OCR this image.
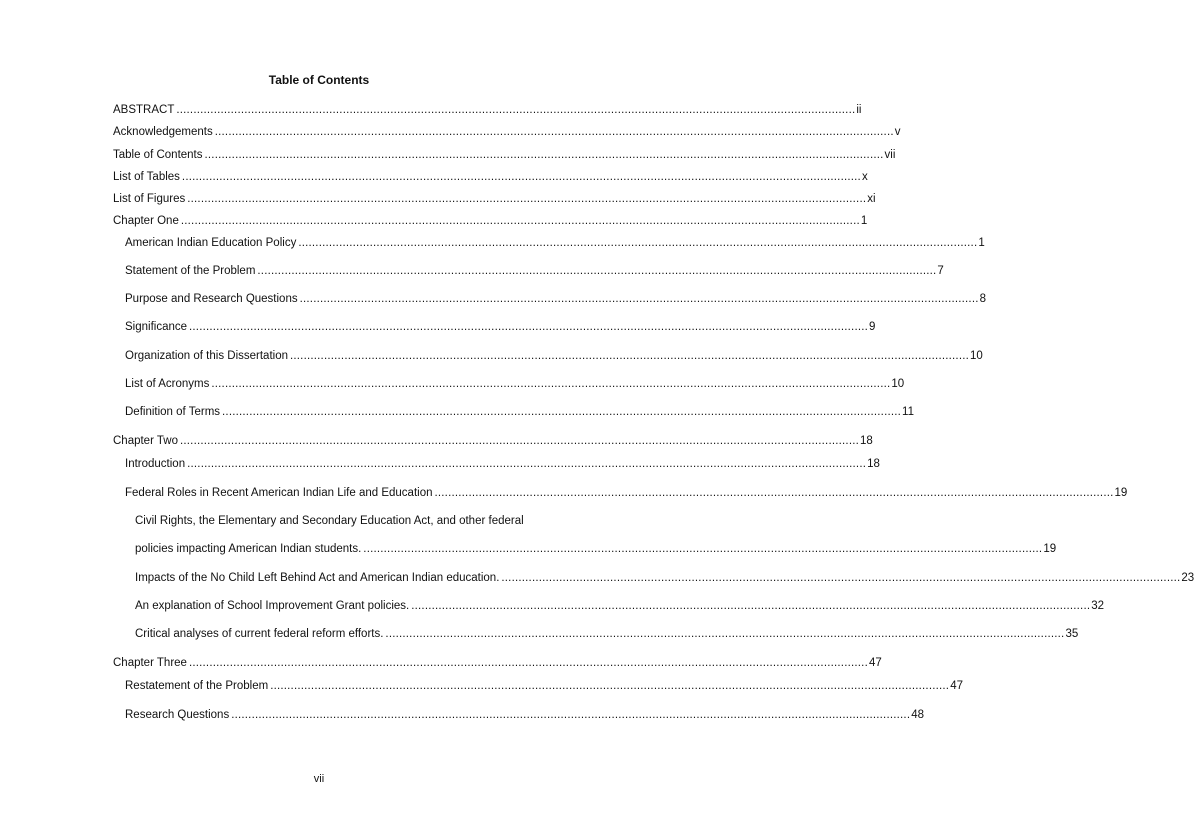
Table of Contents
ABSTRACT ........................................................................................................................................................................................................ ii
Acknowledgements ........................................................................................................................................................................................................ v
Table of Contents ........................................................................................................................................................................................................ vii
List of Tables ........................................................................................................................................................................................................ x
List of Figures ........................................................................................................................................................................................................ xi
Chapter One ........................................................................................................................................................................................................ 1
American Indian Education Policy ........................................................................................................................................................................................................ 1
Statement of the Problem ........................................................................................................................................................................................................ 7
Purpose and Research Questions ........................................................................................................................................................................................................ 8
Significance ........................................................................................................................................................................................................ 9
Organization of this Dissertation ........................................................................................................................................................................................................ 10
List of Acronyms ........................................................................................................................................................................................................ 10
Definition of Terms ........................................................................................................................................................................................................ 11
Chapter Two ........................................................................................................................................................................................................ 18
Introduction ........................................................................................................................................................................................................ 18
Federal Roles in Recent American Indian Life and Education ........................................................................................................................................................................................................ 19
Civil Rights, the Elementary and Secondary Education Act, and other federal
policies impacting American Indian students. ........................................................................................................................................................................................................ 19
Impacts of the No Child Left Behind Act and American Indian education. ........................................................................................................................................................................................................ 23
An explanation of School Improvement Grant policies. ........................................................................................................................................................................................................ 32
Critical analyses of current federal reform efforts. ........................................................................................................................................................................................................ 35
Chapter Three ........................................................................................................................................................................................................ 47
Restatement of the Problem ........................................................................................................................................................................................................ 47
Research Questions ........................................................................................................................................................................................................ 48
vii
